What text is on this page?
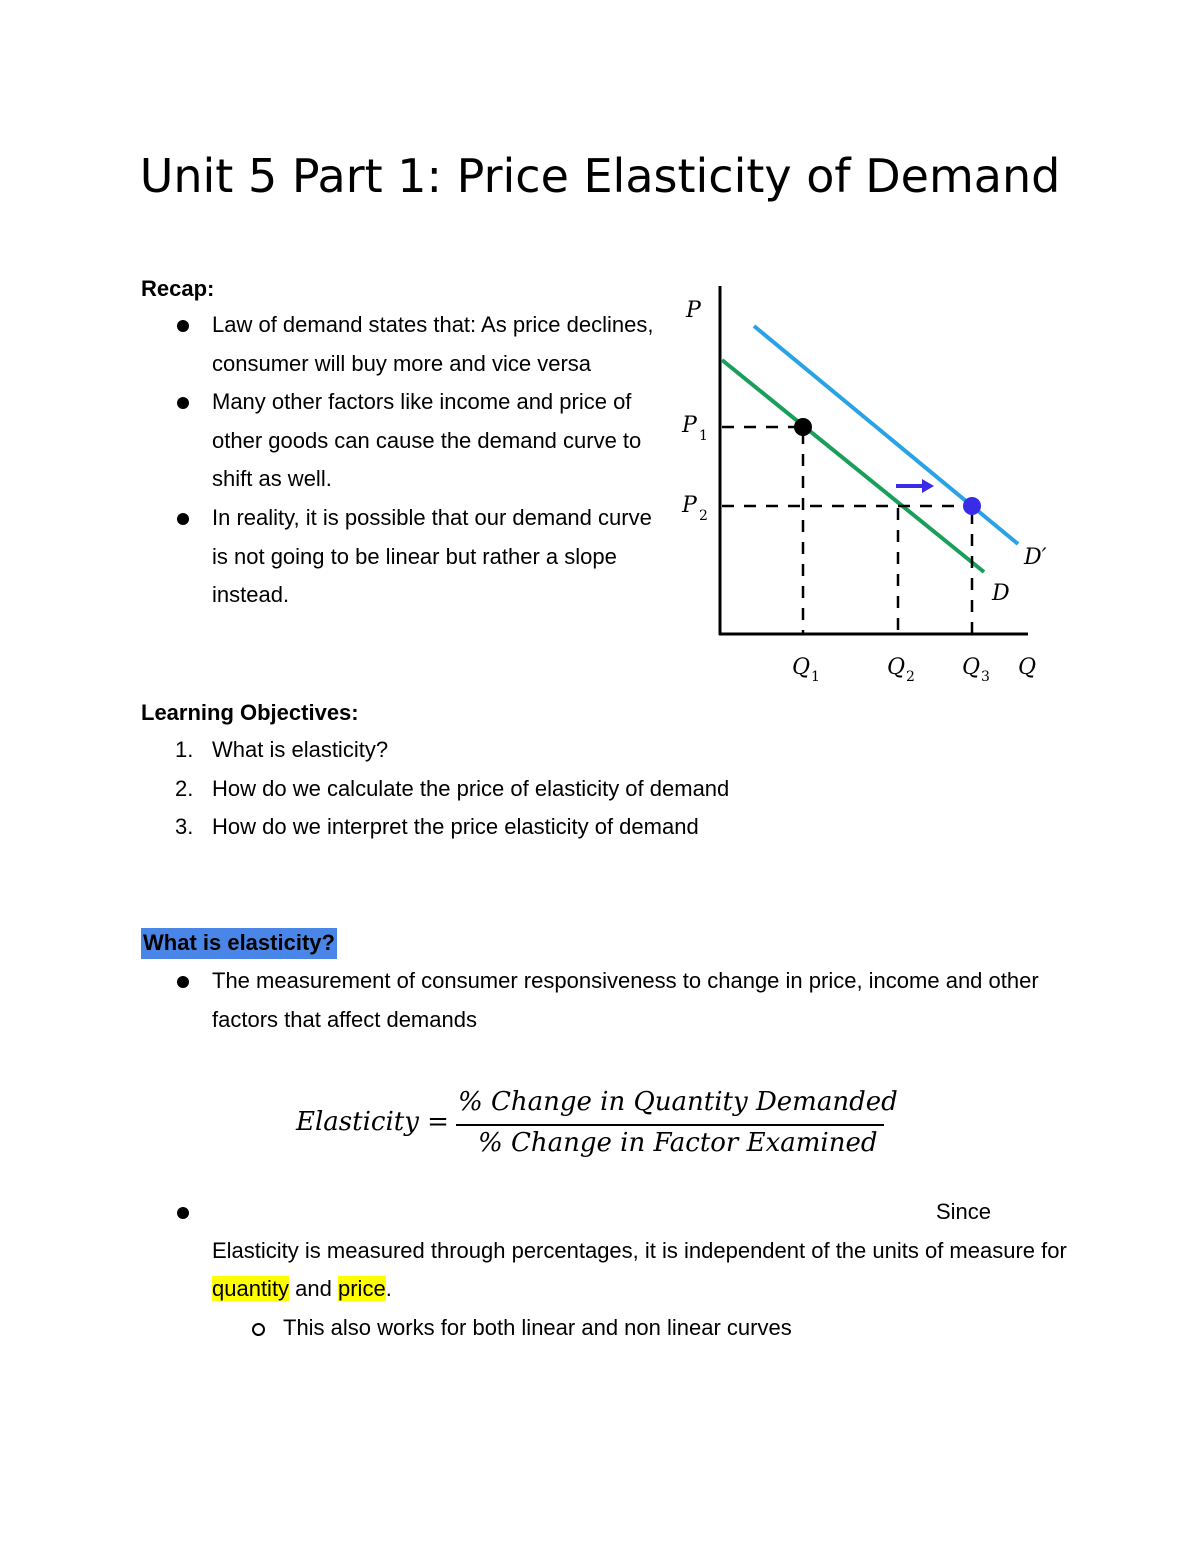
Unit 5 Part 1: Price Elasticity of Demand
Recap:
Law of demand states that: As price declines, consumer will buy more and vice versa
Many other factors like income and price of other goods can cause the demand curve to shift as well.
In reality, it is possible that our demand curve is not going to be linear but rather a slope instead.
P
P 1
P 2
Q 1	Q 2 Q 3 Q
D
D′
Learning Objectives:
1. What is elasticity?
2. How do we calculate the price of elasticity of demand
3. How do we interpret the price elasticity of demand
What is elasticity?
The measurement of consumer responsiveness to change in price, income and other factors that affect demands
Elasticity =
% Change in Quantity Demanded
% Change in Factor Examined
Since
Elasticity is measured through percentages, it is independent of the units of measure for quantity and price.
This also works for both linear and non linear curves
